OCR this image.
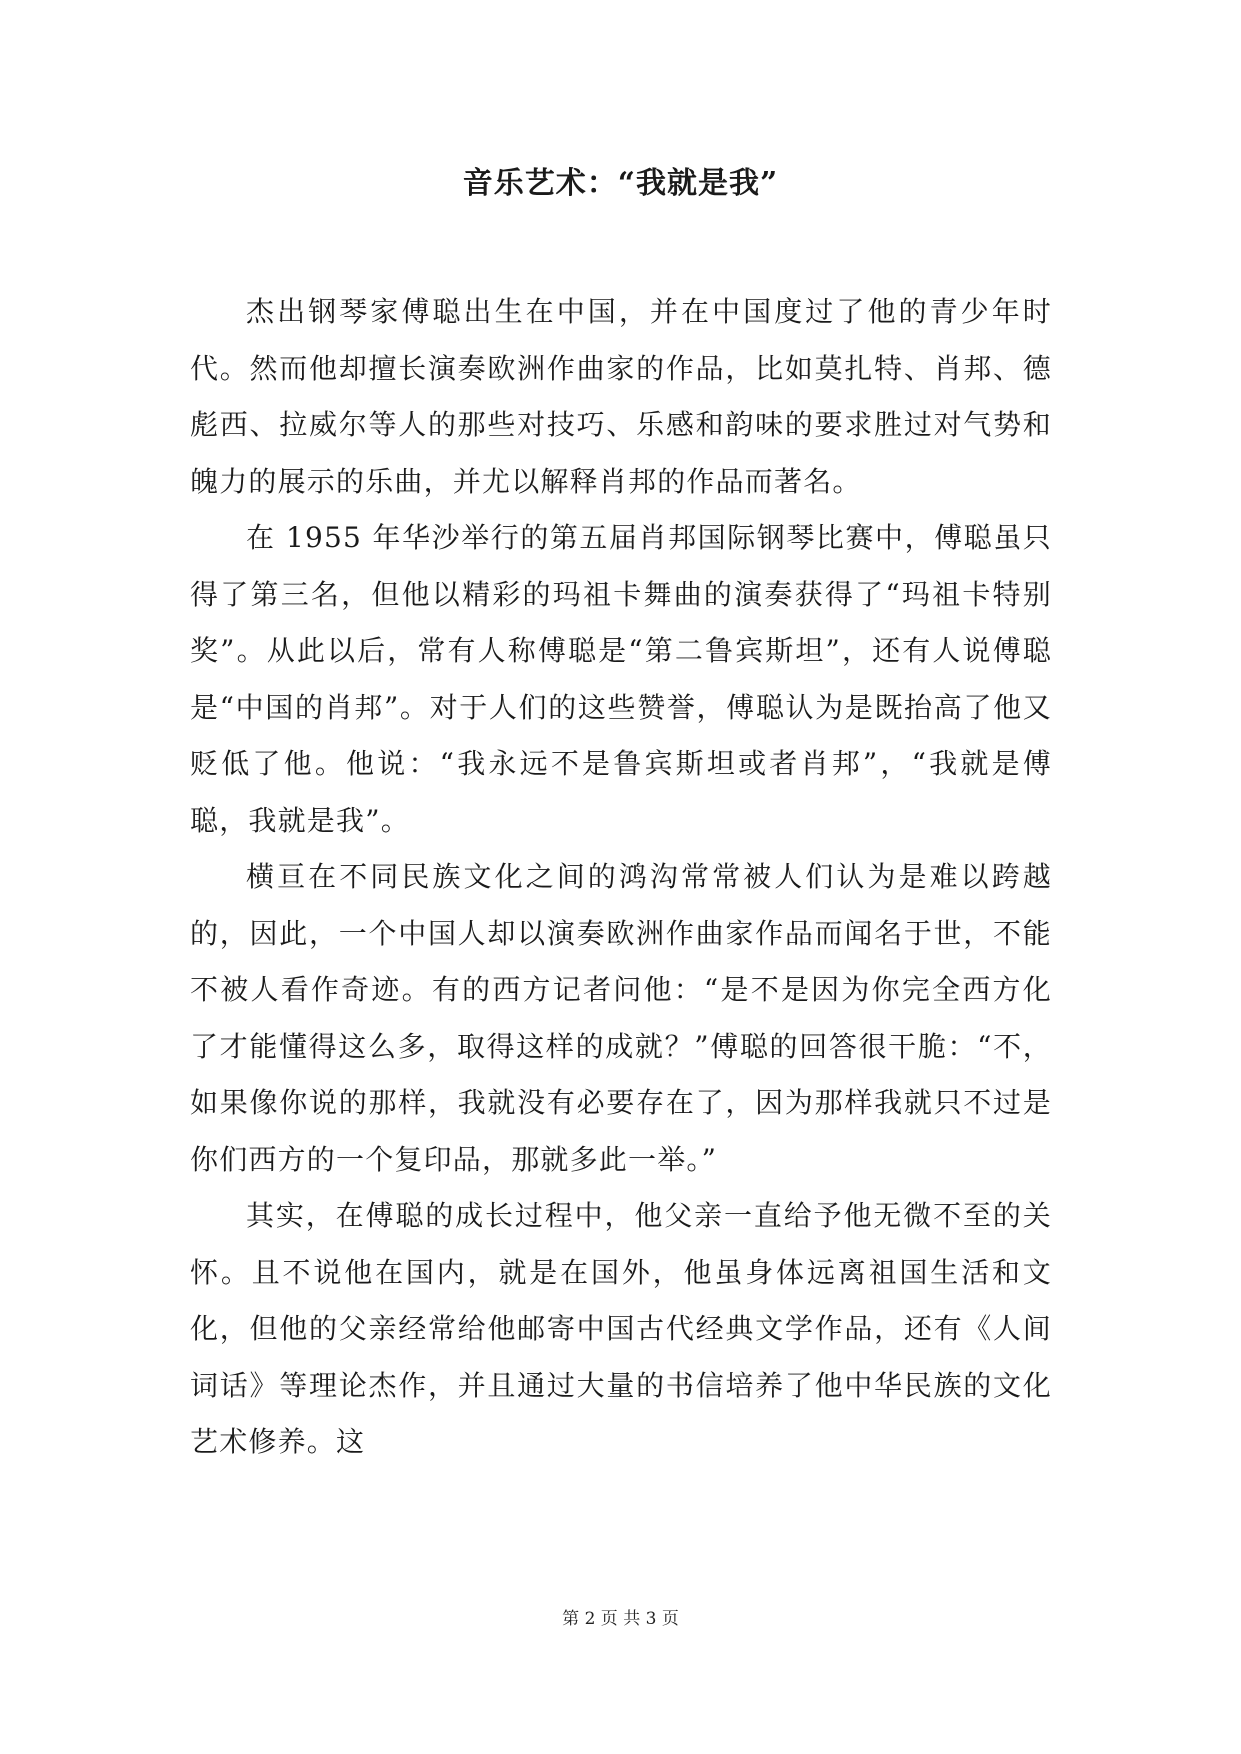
音乐艺术：“我就是我”

杰出钢琴家傅聪出生在中国，并在中国度过了他的青少年时代。然而他却擅长演奏欧洲作曲家的作品，比如莫扎特、肖邦、德彪西、拉威尔等人的那些对技巧、乐感和韵味的要求胜过对气势和魄力的展示的乐曲，并尤以解释肖邦的作品而著名。

在 1955 年华沙举行的第五届肖邦国际钢琴比赛中，傅聪虽只得了第三名，但他以精彩的玛祖卡舞曲的演奏获得了“玛祖卡特别奖”。从此以后，常有人称傅聪是“第二鲁宾斯坦”，还有人说傅聪是“中国的肖邦”。对于人们的这些赞誉，傅聪认为是既抬高了他又贬低了他。他说：“我永远不是鲁宾斯坦或者肖邦”，“我就是傅聪，我就是我”。

横亘在不同民族文化之间的鸿沟常常被人们认为是难以跨越的，因此，一个中国人却以演奏欧洲作曲家作品而闻名于世，不能不被人看作奇迹。有的西方记者问他：“是不是因为你完全西方化了才能懂得这么多，取得这样的成就？”傅聪的回答很干脆：“不，如果像你说的那样，我就没有必要存在了，因为那样我就只不过是你们西方的一个复印品，那就多此一举。”

其实，在傅聪的成长过程中，他父亲一直给予他无微不至的关怀。且不说他在国内，就是在国外，他虽身体远离祖国生活和文化，但他的父亲经常给他邮寄中国古代经典文学作品，还有《人间词话》等理论杰作，并且通过大量的书信培养了他中华民族的文化艺术修养。这

第 2 页 共 3 页
